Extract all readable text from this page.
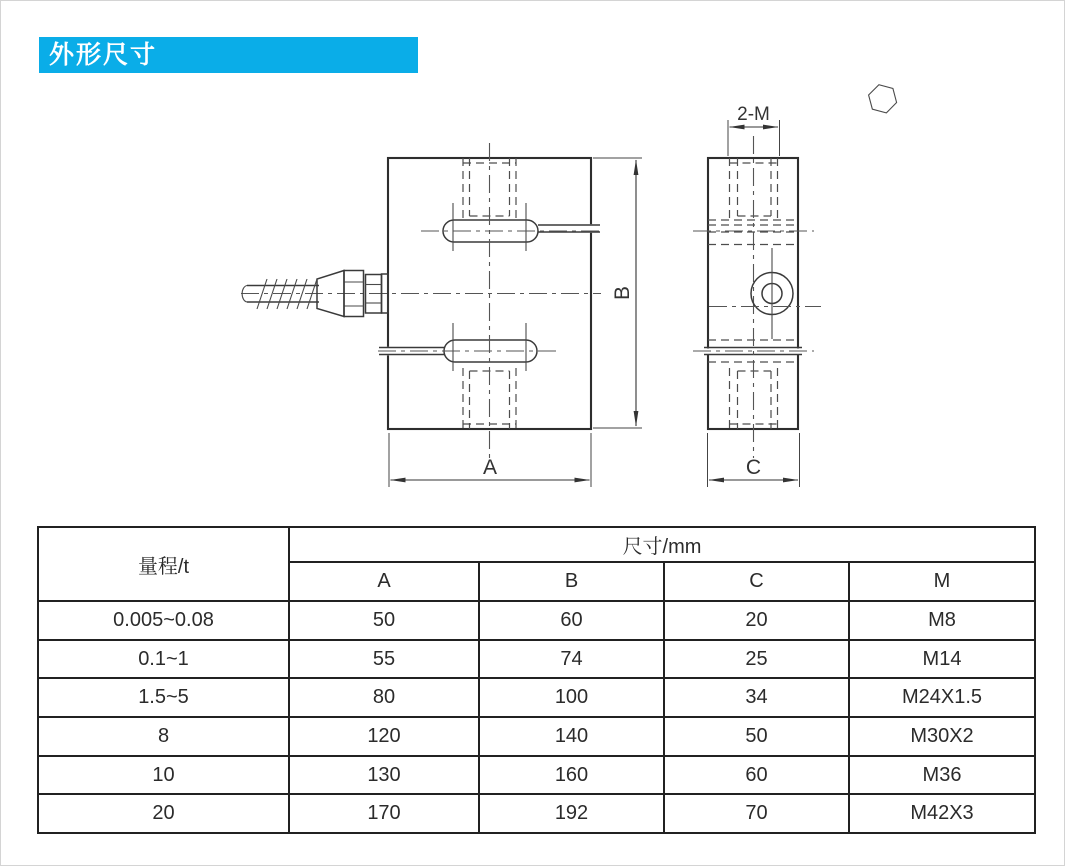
外形尺寸
B
A	C
2-M
量程/t	尺寸/mm			
	A	B	C	M
0.005~0.08	50	60	20	M8
0.1~1	55	74	25	M14
1.5~5	80	100	34	M24X1.5
8	120	140	50	M30X2
10	130	160	60	M36
20	170	192	70	M42X3
